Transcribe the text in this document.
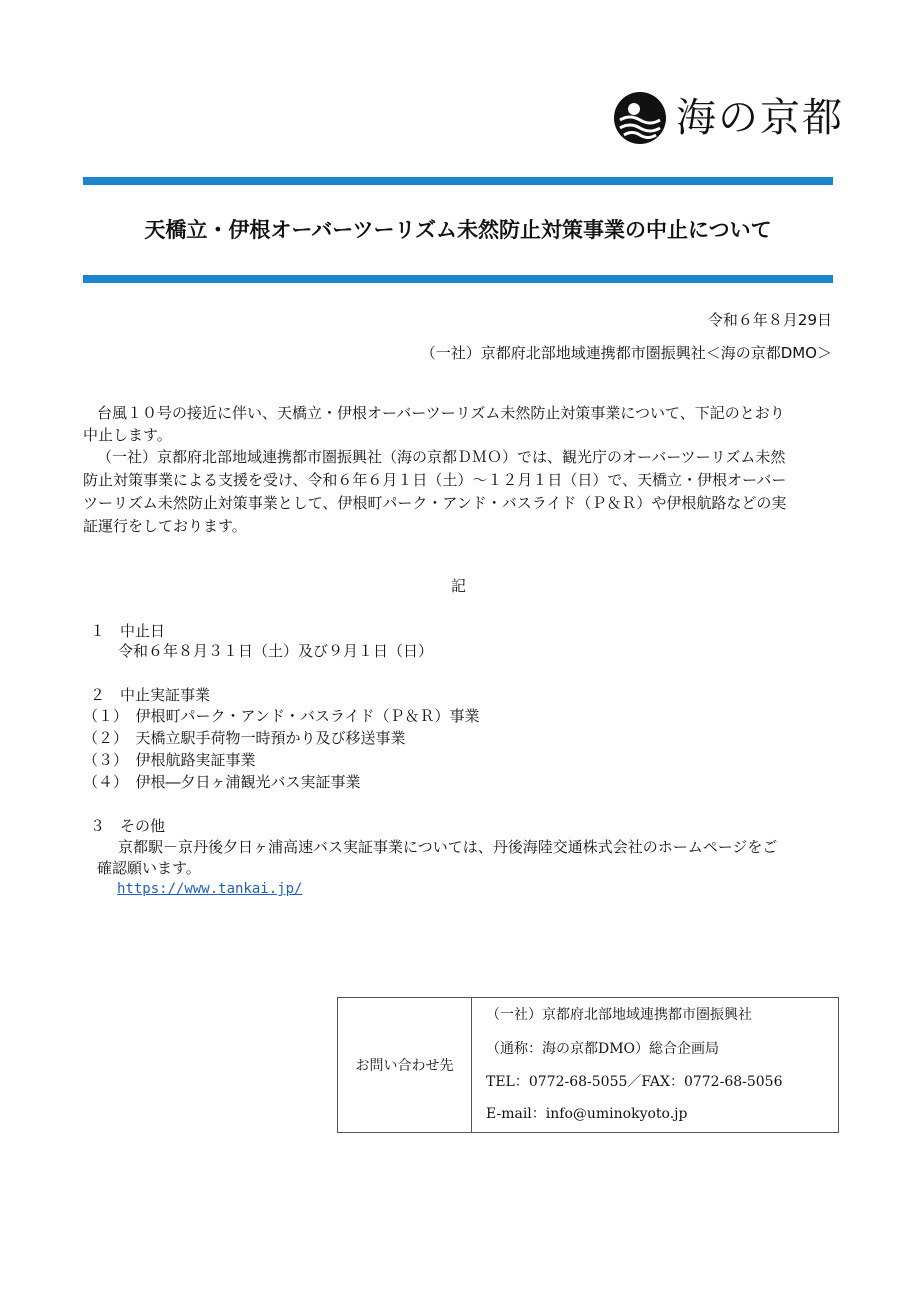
海の京都
天橋立・伊根オーバーツーリズム未然防止対策事業の中止について
令和６年８月29日
（一社）京都府北部地域連携都市圏振興社＜海の京都DMO＞
台風１０号の接近に伴い、天橋立・伊根オーバーツーリズム未然防止対策事業について、下記のとおり
中止します。
（一社）京都府北部地域連携都市圏振興社（海の京都ＤＭＯ）では、観光庁のオーバーツーリズム未然
防止対策事業による支援を受け、令和６年６月１日（土）～１２月１日（日）で、天橋立・伊根オーバー
ツーリズム未然防止対策事業として、伊根町パーク・アンド・バスライド（Ｐ＆Ｒ）や伊根航路などの実
証運行をしております。
記
１　中止日
令和６年８月３１日（土）及び９月１日（日）
２　中止実証事業
（１）　伊根町パーク・アンド・バスライド（Ｐ＆Ｒ）事業
（２）　天橋立駅手荷物一時預かり及び移送事業
（３）　伊根航路実証事業
（４）　伊根―夕日ヶ浦観光バス実証事業
３　その他
京都駅－京丹後夕日ヶ浦高速バス実証事業については、丹後海陸交通株式会社のホームページをご
確認願います。
https://www.tankai.jp/
お問い合わせ先
（一社）京都府北部地域連携都市圏振興社
（通称：海の京都DMO）総合企画局
TEL：0772-68-5055／FAX：0772-68-5056
E-mail：info@uminokyoto.jp
